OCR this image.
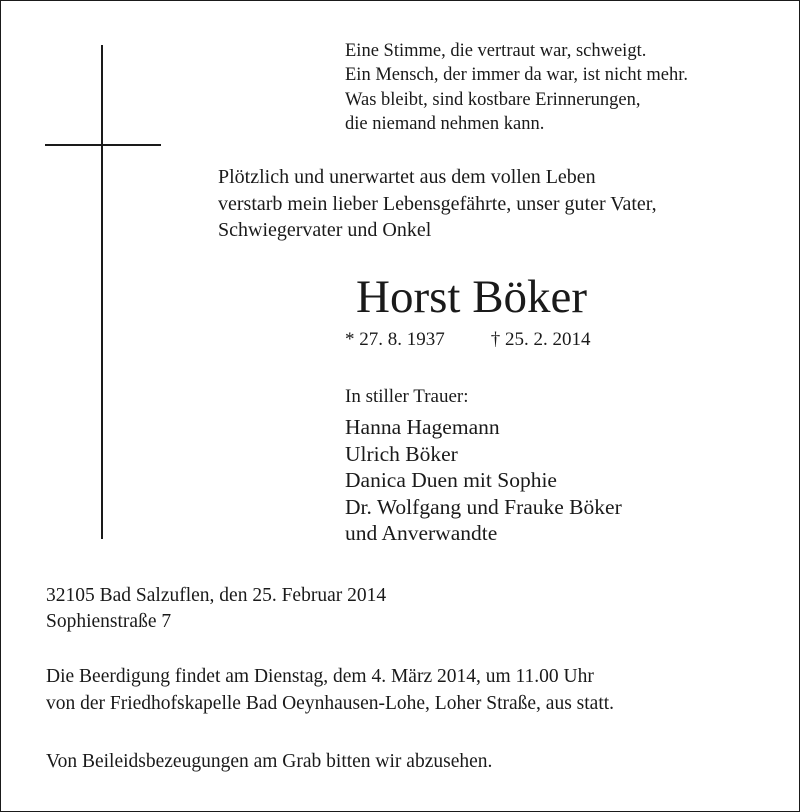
Eine Stimme, die vertraut war, schweigt.
Ein Mensch, der immer da war, ist nicht mehr.
Was bleibt, sind kostbare Erinnerungen,
die niemand nehmen kann.
Plötzlich und unerwartet aus dem vollen Leben
verstarb mein lieber Lebensgefährte, unser guter Vater,
Schwiegervater und Onkel
Horst Böker
* 27. 8. 1937 † 25. 2. 2014
In stiller Trauer:
Hanna Hagemann
Ulrich Böker
Danica Duen mit Sophie
Dr. Wolfgang und Frauke Böker
und Anverwandte
32105 Bad Salzuflen, den 25. Februar 2014
Sophienstraße 7
Die Beerdigung findet am Dienstag, dem 4. März 2014, um 11.00 Uhr
von der Friedhofskapelle Bad Oeynhausen-Lohe, Loher Straße, aus statt.
Von Beileidsbezeugungen am Grab bitten wir abzusehen.
